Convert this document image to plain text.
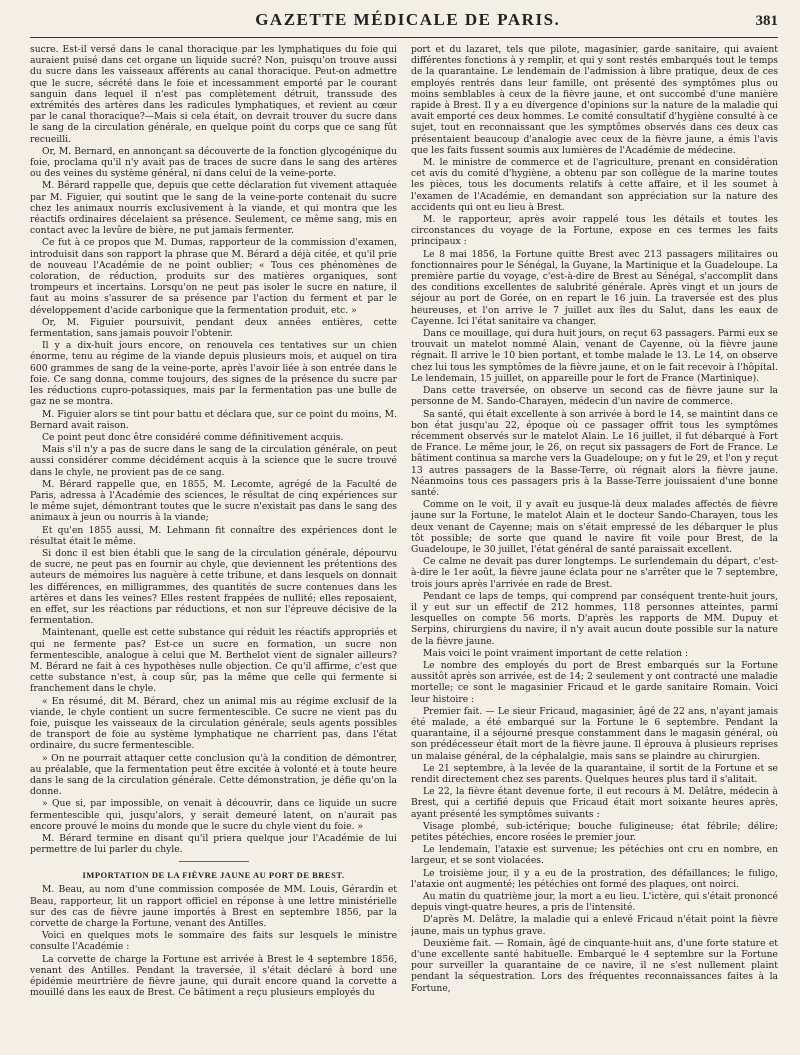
GAZETTE MÉDICALE DE PARIS.	381

sucre. Est-il versé dans le canal thoracique par les lymphatiques du foie qui auraient puisé dans cet organe un liquide sucré? Non, puisqu'on trouve aussi du sucre dans les vaisseaux afférents au canal thoracique. Peut-on admettre que le sucre, sécrété dans le foie et incessamment emporté par le courant sanguin dans lequel il n'est pas complètement détruit, transsude des extrémités des artères dans les radicules lymphatiques, et revient au cœur par le canal thoracique?—Mais si cela était, on devrait trouver du sucre dans le sang de la circulation générale, en quelque point du corps que ce sang fût recueilli.

Or, M. Bernard, en annonçant sa découverte de la fonction glycogénique du foie, proclama qu'il n'y avait pas de traces de sucre dans le sang des artères ou des veines du système général, ni dans celui de la veine-porte.

M. Bérard rappelle que, depuis que cette déclaration fut vivement attaquée par M. Figuier, qui soutint que le sang de la veine-porte contenait du sucre chez les animaux nourris exclusivement à la viande, et qui montra que les réactifs ordinaires décelaient sa présence. Seulement, ce même sang, mis en contact avec la levûre de bière, ne put jamais fermenter.

Ce fut à ce propos que M. Dumas, rapporteur de la commission d'examen, introduisit dans son rapport la phrase que M. Bérard a déjà citée, et qu'il prie de nouveau l'Académie de ne point oublier; « Tous ces phénomènes de coloration, de réduction, produits sur des matières organiques, sont trompeurs et incertains. Lorsqu'on ne peut pas isoler le sucre en nature, il faut au moins s'assurer de sa présence par l'action du ferment et par le développement d'acide carbonique que la fermentation produit, etc. »

Or, M. Figuier poursuivit, pendant deux années entières, cette fermentation, sans jamais pouvoir l'obtenir.

Il y a dix-huit jours encore, on renouvela ces tentatives sur un chien énorme, tenu au régime de la viande depuis plusieurs mois, et auquel on tira 600 grammes de sang de la veine-porte, après l'avoir liée à son entrée dans le foie. Ce sang donna, comme toujours, des signes de la présence du sucre par les réductions cupro-potassiques, mais par la fermentation pas une bulle de gaz ne se montra.

M. Figuier alors se tint pour battu et déclara que, sur ce point du moins, M. Bernard avait raison.

Ce point peut donc être considéré comme définitivement acquis.

Mais s'il n'y a pas de sucre dans le sang de la circulation générale, on peut aussi considérer comme décidément acquis à la science que le sucre trouvé dans le chyle, ne provient pas de ce sang.

M. Bérard rappelle que, en 1855, M. Lecomte, agrégé de la Faculté de Paris, adressa à l'Académie des sciences, le résultat de cinq expériences sur le même sujet, démontrant toutes que le sucre n'existait pas dans le sang des animaux à jeun ou nourris à la viande;

Et qu'en 1855 aussi, M. Lehmann fit connaître des expériences dont le résultat était le même.

Si donc il est bien établi que le sang de la circulation générale, dépourvu de sucre, ne peut pas en fournir au chyle, que deviennent les prétentions des auteurs de mémoires lus naguère à cette tribune, et dans lesquels on donnait les différences, en milligrammes, des quantités de sucre contenues dans les artères et dans les veines? Elles restent frappées de nullité; elles reposaient, en effet, sur les réactions par réductions, et non sur l'épreuve décisive de la fermentation.

Maintenant, quelle est cette substance qui réduit les réactifs appropriés et qui ne fermente pas? Est-ce un sucre en formation, un sucre non fermentescible, analogue à celui que M. Berthelot vient de signaler ailleurs? M. Bérard ne fait à ces hypothèses nulle objection. Ce qu'il affirme, c'est que cette substance n'est, à coup sûr, pas la même que celle qui fermente si franchement dans le chyle.

« En résumé, dit M. Bérard, chez un animal mis au régime exclusif de la viande, le chyle contient un sucre fermentescible. Ce sucre ne vient pas du foie, puisque les vaisseaux de la circulation générale, seuls agents possibles de transport de foie au système lymphatique ne charrient pas, dans l'état ordinaire, du sucre fermentescible.

» On ne pourrait attaquer cette conclusion qu'à la condition de démontrer, au préalable, que la fermentation peut être excitée à volonté et à toute heure dans le sang de la circulation générale. Cette démonstration, je défie qu'on la donne.

» Que si, par impossible, on venait à découvrir, dans ce liquide un sucre fermentescible qui, jusqu'alors, y serait demeuré latent, on n'aurait pas encore prouvé le moins du monde que le sucre du chyle vient du foie. »

M. Bérard termine en disant qu'il priera quelque jour l'Académie de lui permettre de lui parler du chyle.

IMPORTATION DE LA FIÈVRE JAUNE AU PORT DE BREST.

M. Beau, au nom d'une commission composée de MM. Louis, Gérardin et Beau, rapporteur, lit un rapport officiel en réponse à une lettre ministérielle sur des cas de fièvre jaune importés à Brest en septembre 1856, par la corvette de charge la Fortune, venant des Antilles.

Voici en quelques mots le sommaire des faits sur lesquels le ministre consulte l'Académie :

La corvette de charge la Fortune est arrivée à Brest le 4 septembre 1856, venant des Antilles. Pendant la traversée, il s'était déclaré à bord une épidémie meurtrière de fièvre jaune, qui durait encore quand la corvette a mouillé dans les eaux de Brest. Ce bâtiment a reçu plusieurs employés du

port et du lazaret, tels que pilote, magasinier, garde sanitaire, qui avaient différentes fonctions à y remplir, et qui y sont restés embarqués tout le temps de la quarantaine. Le lendemain de l'admission à libre pratique, deux de ces employés rentrés dans leur famille, ont présenté des symptômes plus ou moins semblables à ceux de la fièvre jaune, et ont succombé d'une manière rapide à Brest. Il y a eu divergence d'opinions sur la nature de la maladie qui avait emporté ces deux hommes. Le comité consultatif d'hygiène consulté à ce sujet, tout en reconnaissant que les symptômes observés dans ces deux cas présentaient beaucoup d'analogie avec ceux de la fièvre jaune, a émis l'avis que les faits fussent soumis aux lumières de l'Académie de médecine.

M. le ministre de commerce et de l'agriculture, prenant en considération cet avis du comité d'hygiène, a obtenu par son collègue de la marine toutes les pièces, tous les documents relatifs à cette affaire, et il les soumet à l'examen de l'Académie, en demandant son appréciation sur la nature des accidents qui ont eu lieu à Brest.

M. le rapporteur, après avoir rappelé tous les détails et toutes les circonstances du voyage de la Fortune, expose en ces termes les faits principaux :

Le 8 mai 1856, la Fortune quitte Brest avec 213 passagers militaires ou fonctionnaires pour le Sénégal, la Guyane, la Martinique et la Guadeloupe. La première partie du voyage, c'est-à-dire de Brest au Sénégal, s'accomplit dans des conditions excellentes de salubrité générale. Après vingt et un jours de séjour au port de Gorée, on en repart le 16 juin. La traversée est des plus heureuses, et l'on arrive le 7 juillet aux îles du Salut, dans les eaux de Cayenne. Ici l'état sanitaire va changer.

Dans ce mouillage, qui dura huit jours, on reçut 63 passagers. Parmi eux se trouvait un matelot nommé Alain, venant de Cayenne, où la fièvre jaune régnait. Il arrive le 10 bien portant, et tombe malade le 13. Le 14, on observe chez lui tous les symptômes de la fièvre jaune, et on le fait recevoir à l'hôpital. Le lendemain, 15 juillet, on appareille pour le fort de France (Martinique).

Dans cette traversée, on observe un second cas de fièvre jaune sur la personne de M. Sando-Charayen, médecin d'un navire de commerce.

Sa santé, qui était excellente à son arrivée à bord le 14, se maintint dans ce bon état jusqu'au 22, époque où ce passager offrit tous les symptômes récemment observés sur le matelot Alain. Le 16 juillet, il fut débarqué à Fort de France. Le même jour, le 26, on reçut six passagers de Fort de France. Le bâtiment continua sa marche vers la Guadeloupe; on y fut le 29, et l'on y reçut 13 autres passagers de la Basse-Terre, où régnait alors la fièvre jaune. Néanmoins tous ces passagers pris à la Basse-Terre jouissaient d'une bonne santé.

Comme on le voit, il y avait eu jusque-là deux malades affectés de fièvre jaune sur la Fortune, le matelot Alain et le docteur Sando-Charayen, tous les deux venant de Cayenne; mais on s'était empressé de les débarquer le plus tôt possible; de sorte que quand le navire fit voile pour Brest, de la Guadeloupe, le 30 juillet, l'état général de santé paraissait excellent.

Ce calme ne devait pas durer longtemps. Le surlendemain du départ, c'est-à-dire le 1er août, la fièvre jaune éclata pour ne s'arrêter que le 7 septembre, trois jours après l'arrivée en rade de Brest.

Pendant ce laps de temps, qui comprend par conséquent trente-huit jours, il y eut sur un effectif de 212 hommes, 118 personnes atteintes, parmi lesquelles on compte 56 morts. D'après les rapports de MM. Dupuy et Serpins, chirurgiens du navire, il n'y avait aucun doute possible sur la nature de la fièvre jaune.

Mais voici le point vraiment important de cette relation :

Le nombre des employés du port de Brest embarqués sur la Fortune aussitôt après son arrivée, est de 14; 2 seulement y ont contracté une maladie mortelle; ce sont le magasinier Fricaud et le garde sanitaire Romain. Voici leur histoire :

Premier fait. — Le sieur Fricaud, magasinier, âgé de 22 ans, n'ayant jamais été malade, a été embarqué sur la Fortune le 6 septembre. Pendant la quarantaine, il a séjourné presque constamment dans le magasin général, où son prédécesseur était mort de la fièvre jaune. Il éprouva à plusieurs reprises un malaise général, de la céphalalgie, mais sans se plaindre au chirurgien.

Le 21 septembre, à la levée de la quarantaine, il sortit de la Fortune et se rendit directement chez ses parents. Quelques heures plus tard il s'alitait.

Le 22, la fièvre étant devenue forte, il eut recours à M. Delâtre, médecin à Brest, qui a certifié depuis que Fricaud était mort soixante heures après, ayant présenté les symptômes suivants :

Visage plombé, sub-ictérique; bouche fuligineuse; état fébrile; délire; petites pétéchies, encore rosées le premier jour.

Le lendemain, l'ataxie est survenue; les pétéchies ont cru en nombre, en largeur, et se sont violacées.

Le troisième jour, il y a eu de la prostration, des défaillances; le fuligo, l'ataxie ont augmenté; les pétéchies ont formé des plaques, ont noirci.

Au matin du quatrième jour, la mort a eu lieu. L'ictère, qui s'était prononcé depuis vingt-quatre heures, a pris de l'intensité.

D'après M. Delâtre, la maladie qui a enlevé Fricaud n'était point la fièvre jaune, mais un typhus grave.

Deuxième fait. — Romain, âgé de cinquante-huit ans, d'une forte stature et d'une excellente santé habituelle. Embarqué le 4 septembre sur la Fortune pour surveiller la quarantaine de ce navire, il ne s'est nullement plaint pendant la séquestration. Lors des fréquentes reconnaissances faites à la Fortune,
